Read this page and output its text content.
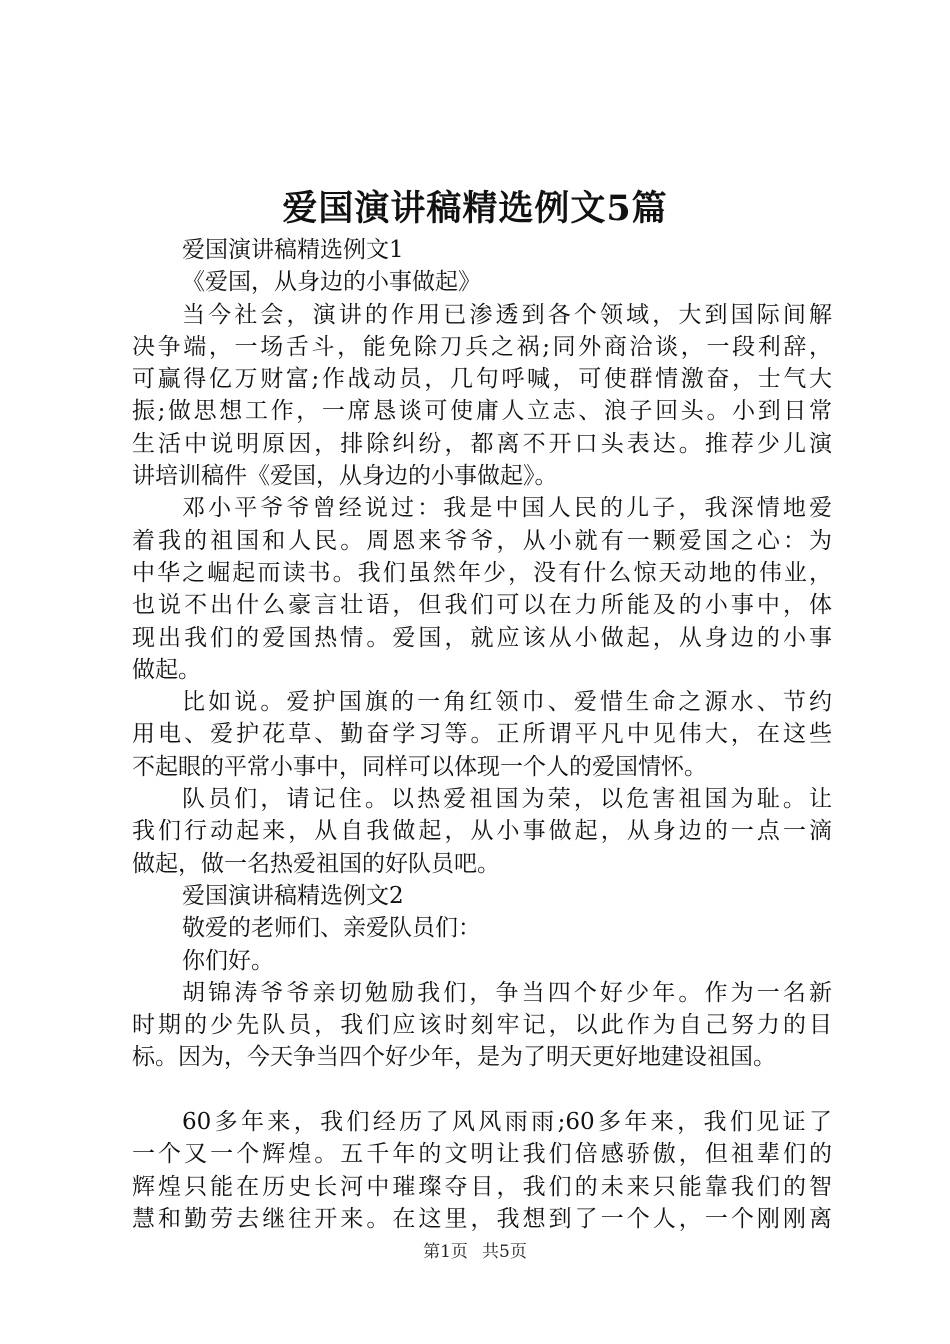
爱国演讲稿精选例文5篇
爱国演讲稿精选例文1
《爱国，从身边的小事做起》
当今社会，演讲的作用已渗透到各个领域，大到国际间解
决争端，一场舌斗，能免除刀兵之祸;同外商洽谈，一段利辞，
可赢得亿万财富;作战动员，几句呼喊，可使群情激奋，士气大
振;做思想工作，一席恳谈可使庸人立志、浪子回头。小到日常
生活中说明原因，排除纠纷，都离不开口头表达。推荐少儿演
讲培训稿件《爱国，从身边的小事做起》。
邓小平爷爷曾经说过：我是中国人民的儿子，我深情地爱
着我的祖国和人民。周恩来爷爷，从小就有一颗爱国之心：为
中华之崛起而读书。我们虽然年少，没有什么惊天动地的伟业，
也说不出什么豪言壮语，但我们可以在力所能及的小事中，体
现出我们的爱国热情。爱国，就应该从小做起，从身边的小事
做起。
比如说。爱护国旗的一角红领巾、爱惜生命之源水、节约
用电、爱护花草、勤奋学习等。正所谓平凡中见伟大，在这些
不起眼的平常小事中，同样可以体现一个人的爱国情怀。
队员们，请记住。以热爱祖国为荣，以危害祖国为耻。让
我们行动起来，从自我做起，从小事做起，从身边的一点一滴
做起，做一名热爱祖国的好队员吧。
爱国演讲稿精选例文2
敬爱的老师们、亲爱队员们：
你们好。
胡锦涛爷爷亲切勉励我们，争当四个好少年。作为一名新
时期的少先队员，我们应该时刻牢记，以此作为自己努力的目
标。因为，今天争当四个好少年，是为了明天更好地建设祖国。
60多年来，我们经历了风风雨雨;60多年来，我们见证了
一个又一个辉煌。五千年的文明让我们倍感骄傲，但祖辈们的
辉煌只能在历史长河中璀璨夺目，我们的未来只能靠我们的智
慧和勤劳去继往开来。在这里，我想到了一个人，一个刚刚离
第1页 共5页
